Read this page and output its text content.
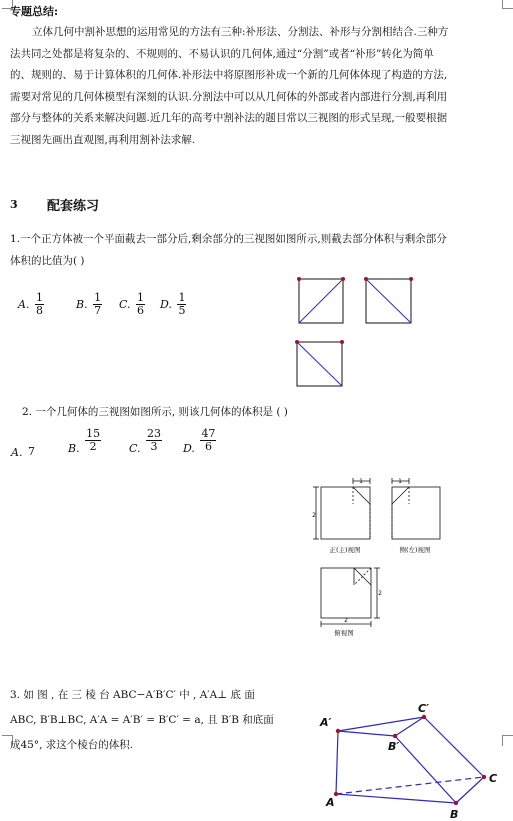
专题总结:
立体几何中割补思想的运用常见的方法有三种:补形法、分割法、补形与分割相结合.三种方
法共同之处都是将复杂的、不规则的、不易认识的几何体,通过“分割”或者“补形”转化为简单
的、规则的、易于计算体积的几何体.补形法中将原图形补成一个新的几何体体现了构造的方法,
需要对常见的几何体模型有深刻的认识.分割法中可以从几何体的外部或者内部进行分割,再利用
部分与整体的关系来解决问题.近几年的高考中割补法的题目常以三视图的形式呈现,一般要根据
三视图先画出直观图,再利用割补法求解.
3 配套练习
1.一个正方体被一个平面截去一部分后,剩余部分的三视图如图所示,则截去部分体积与剩余部分
体积的比值为( )
A. $\frac{1}{8}$	B. $\frac{1}{7} C$. $\frac{1}{6} D$. $\frac{1}{5}$
2. 一个几何体的三视图如图所示, 则该几何体的体积是 ( )
A. 7	B. $\frac{15}{2}$	C. $\frac{23}{3} D$. $\frac{47}{6}$
2
1	1
正(主)视图	侧(左)视图
2
2
俯视图
3. 如 图 , 在 三 棱 台 ABC−A′B′C′ 中 , A′A⊥ 底 面
ABC, B′B⊥BC, A′A = A′B′ = B′C′ = a, 且 B′B 和底面
成45°, 求这个棱台的体积.
A′
C′
B′
A
B
C
